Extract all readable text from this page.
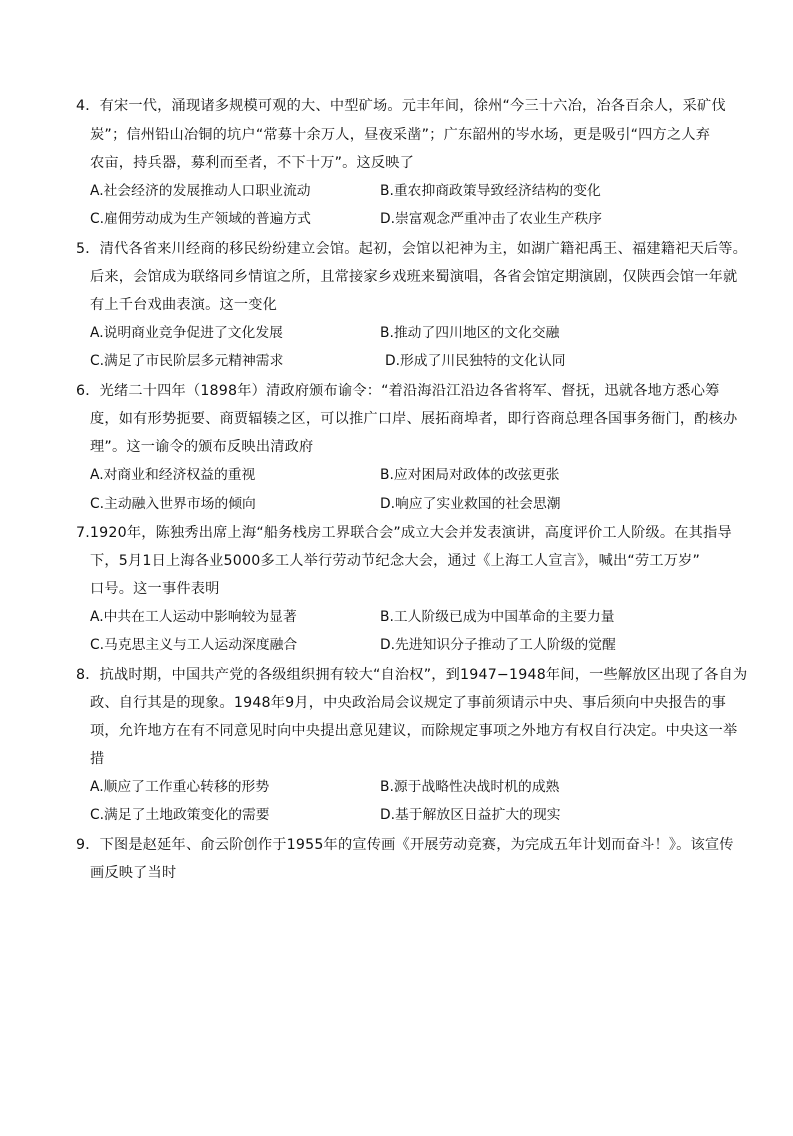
4．有宋一代，涌现诸多规模可观的大、中型矿场。元丰年间，徐州“今三十六冶，冶各百余人，采矿伐
炭”；信州铅山冶铜的坑户“常募十余万人，昼夜采凿”；广东韶州的岑水场，更是吸引“四方之人弃
农亩，持兵器，募利而至者，不下十万”。这反映了
A.社会经济的发展推动人口职业流动	B.重农抑商政策导致经济结构的变化
C.雇佣劳动成为生产领域的普遍方式	D.崇富观念严重冲击了农业生产秩序
5．清代各省来川经商的移民纷纷建立会馆。起初，会馆以祀神为主，如湖广籍祀禹王、福建籍祀天后等。
后来，会馆成为联络同乡情谊之所，且常接家乡戏班来蜀演唱，各省会馆定期演剧，仅陕西会馆一年就
有上千台戏曲表演。这一变化
A.说明商业竞争促进了文化发展	B.推动了四川地区的文化交融
C.满足了市民阶层多元精神需求	D.形成了川民独特的文化认同
6．光绪二十四年（1898年）清政府颁布谕令：“着沿海沿江沿边各省将军、督抚，迅就各地方悉心筹
度，如有形势扼要、商贾辐辏之区，可以推广口岸、展拓商埠者，即行咨商总理各国事务衙门，酌核办
理”。这一谕令的颁布反映出清政府
A.对商业和经济权益的重视	B.应对困局对政体的改弦更张
C.主动融入世界市场的倾向	D.响应了实业救国的社会思潮
7.1920年，陈独秀出席上海“船务栈房工界联合会”成立大会并发表演讲，高度评价工人阶级。在其指导
下，5月1日上海各业5000多工人举行劳动节纪念大会，通过《上海工人宣言》，喊出“劳工万岁”
口号。这一事件表明
A.中共在工人运动中影响较为显著	B.工人阶级已成为中国革命的主要力量
C.马克思主义与工人运动深度融合	D.先进知识分子推动了工人阶级的觉醒
8．抗战时期，中国共产党的各级组织拥有较大“自治权”，到1947−1948年间，一些解放区出现了各自为
政、自行其是的现象。1948年9月，中央政治局会议规定了事前须请示中央、事后须向中央报告的事
项，允许地方在有不同意见时向中央提出意见建议，而除规定事项之外地方有权自行决定。中央这一举
措
A.顺应了工作重心转移的形势	B.源于战略性决战时机的成熟
C.满足了土地政策变化的需要	D.基于解放区日益扩大的现实
9．下图是赵延年、俞云阶创作于1955年的宣传画《开展劳动竞赛，为完成五年计划而奋斗！》。该宣传
画反映了当时
